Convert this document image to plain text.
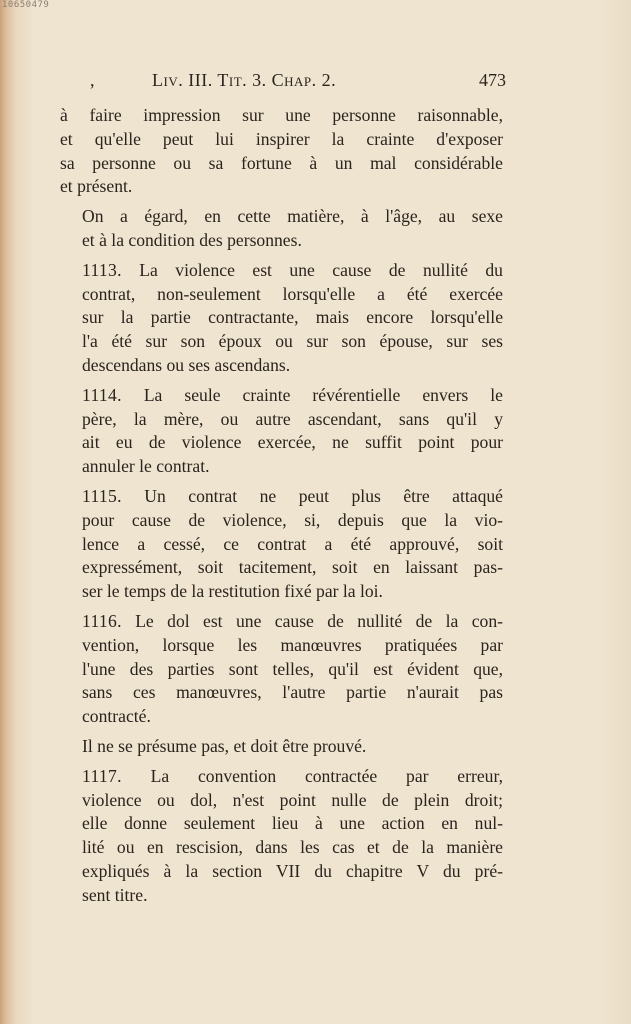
10650479
,	Liv. III. Tit. 3. Chap. 2.	473

à faire impression sur une personne raisonnable,
et qu'elle peut lui inspirer la crainte d'exposer
sa personne ou sa fortune à un mal considérable
et présent.

On a égard, en cette matière, à l'âge, au sexe
et à la condition des personnes.

1113. La violence est une cause de nullité du
contrat, non-seulement lorsqu'elle a été exercée
sur la partie contractante, mais encore lorsqu'elle
l'a été sur son époux ou sur son épouse, sur ses
descendans ou ses ascendans.

1114. La seule crainte révérentielle envers le
père, la mère, ou autre ascendant, sans qu'il y
ait eu de violence exercée, ne suffit point pour
annuler le contrat.

1115. Un contrat ne peut plus être attaqué
pour cause de violence, si, depuis que la vio-
lence a cessé, ce contrat a été approuvé, soit
expressément, soit tacitement, soit en laissant pas-
ser le temps de la restitution fixé par la loi.

1116. Le dol est une cause de nullité de la con-
vention, lorsque les manœuvres pratiquées par
l'une des parties sont telles, qu'il est évident que,
sans ces manœuvres, l'autre partie n'aurait pas
contracté.

Il ne se présume pas, et doit être prouvé.

1117. La convention contractée par erreur,
violence ou dol, n'est point nulle de plein droit;
elle donne seulement lieu à une action en nul-
lité ou en rescision, dans les cas et de la manière
expliqués à la section VII du chapitre V du pré-
sent titre.
